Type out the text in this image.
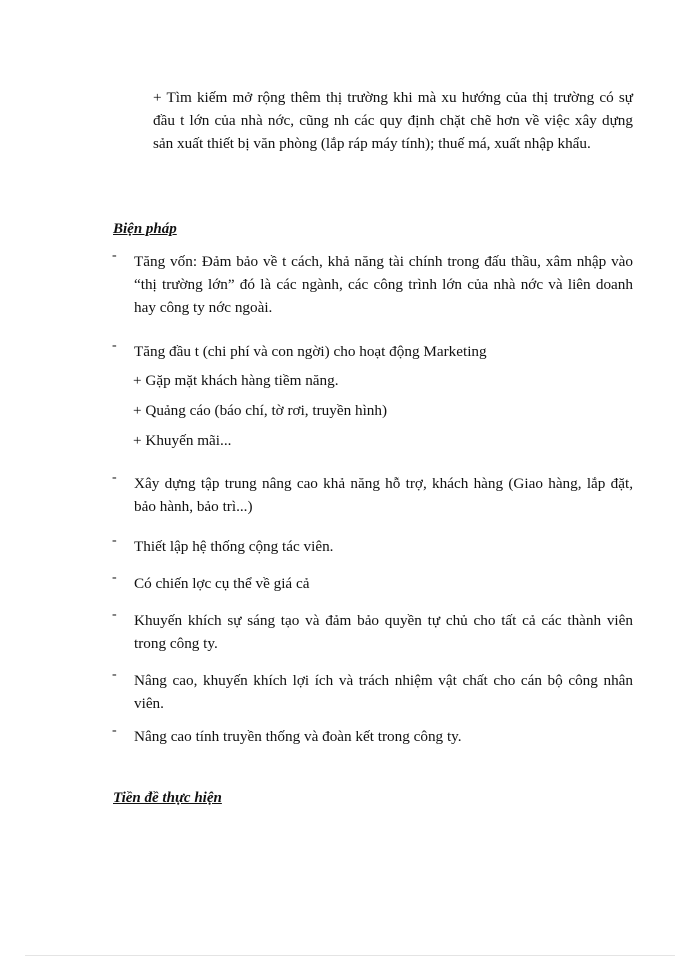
+ Tìm kiếm mở rộng thêm thị trường khi mà xu hướng của thị trường có sự đầu t lớn của nhà nớc, cũng nh các quy định chặt chẽ hơn về việc xây dựng sản xuất thiết bị văn phòng (lắp ráp máy tính); thuế má, xuất nhập khẩu.
Biện pháp
- Tăng vốn: Đảm bảo về t cách, khả năng tài chính trong đấu thầu, xâm nhập vào “thị trường lớn” đó là các ngành, các công trình lớn của nhà nớc và liên doanh hay công ty nớc ngoài.
- Tăng đầu t (chi phí và con ngời) cho hoạt động Marketing
+ Gặp mặt khách hàng tiềm năng.
+ Quảng cáo (báo chí, tờ rơi, truyền hình)
+ Khuyến mãi...
- Xây dựng tập trung nâng cao khả năng hỗ trợ, khách hàng (Giao hàng, lắp đặt, bảo hành, bảo trì...)
- Thiết lập hệ thống cộng tác viên.
- Có chiến lợc cụ thể về giá cả
- Khuyến khích sự sáng tạo và đảm bảo quyền tự chủ cho tất cả các thành viên trong công ty.
- Nâng cao, khuyến khích lợi ích và trách nhiệm vật chất cho cán bộ công nhân viên.
- Nâng cao tính truyền thống và đoàn kết trong công ty.
Tiền đề thực hiện
